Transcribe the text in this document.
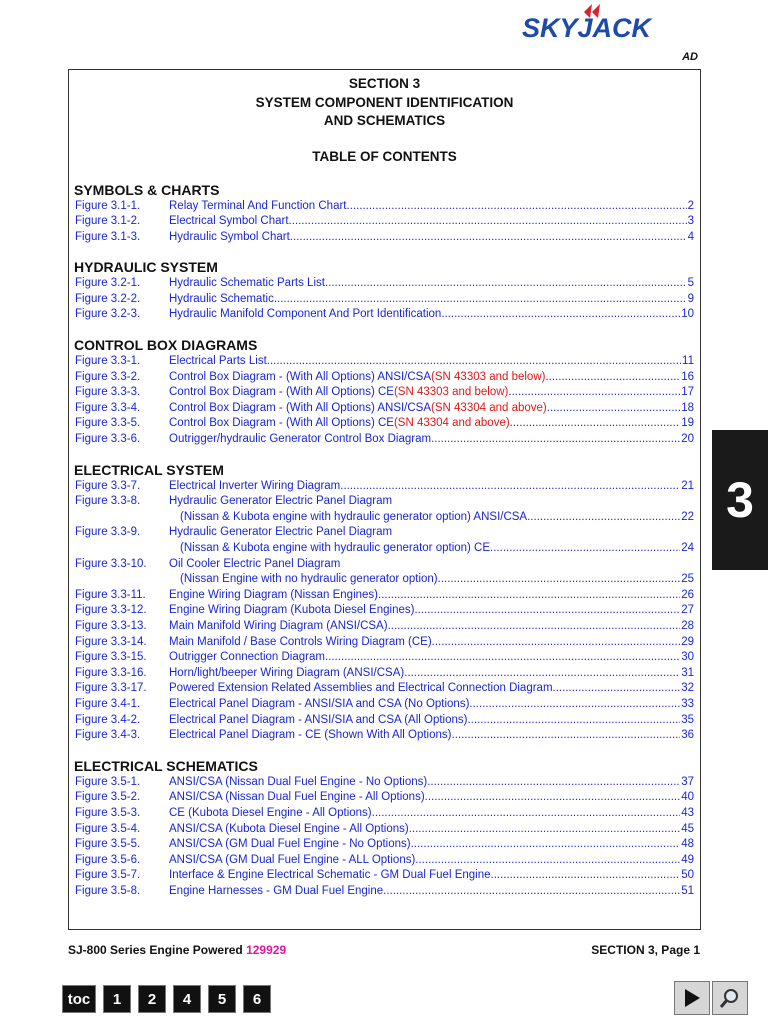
SKYJACK
AD
SECTION 3
SYSTEM COMPONENT IDENTIFICATION
AND SCHEMATICS
TABLE OF CONTENTS
SYMBOLS & CHARTS
Figure 3.1-1.	Relay Terminal And Function Chart .....	2
Figure 3.1-2.	Electrical Symbol Chart .....	3
Figure 3.1-3.	Hydraulic Symbol Chart .....	4
HYDRAULIC SYSTEM
Figure 3.2-1.	Hydraulic Schematic Parts List .....	5
Figure 3.2-2.	Hydraulic Schematic .....	9
Figure 3.2-3.	Hydraulic Manifold Component And Port Identification .....	10
CONTROL BOX DIAGRAMS
Figure 3.3-1.	Electrical Parts List .....	11
Figure 3.3-2.	Control Box Diagram - (With All Options) ANSI/CSA (SN 43303 and below) .....	16
Figure 3.3-3.	Control Box Diagram - (With All Options) CE (SN 43303 and below) .....	17
Figure 3.3-4.	Control Box Diagram - (With All Options) ANSI/CSA (SN 43304 and above) .....	18
Figure 3.3-5.	Control Box Diagram - (With All Options) CE (SN 43304 and above) .....	19
Figure 3.3-6.	Outrigger/hydraulic Generator Control Box Diagram .....	20
ELECTRICAL SYSTEM
Figure 3.3-7.	Electrical Inverter Wiring Diagram .....	21
Figure 3.3-8.	Hydraulic Generator Electric Panel Diagram
(Nissan & Kubota engine with hydraulic generator option) ANSI/CSA .....	22
Figure 3.3-9.	Hydraulic Generator Electric Panel Diagram
(Nissan & Kubota engine with hydraulic generator option) CE .....	24
Figure 3.3-10.	Oil Cooler Electric Panel Diagram
(Nissan Engine with no hydraulic generator option) .....	25
Figure 3.3-11.	Engine Wiring Diagram (Nissan Engines) .....	26
Figure 3.3-12.	Engine Wiring Diagram (Kubota Diesel Engines) .....	27
Figure 3.3-13.	Main Manifold Wiring Diagram (ANSI/CSA) .....	28
Figure 3.3-14.	Main Manifold / Base Controls Wiring Diagram (CE) .....	29
Figure 3.3-15.	Outrigger Connection Diagram .....	30
Figure 3.3-16.	Horn/light/beeper Wiring Diagram (ANSI/CSA) .....	31
Figure 3.3-17.	Powered Extension Related Assemblies and Electrical Connection Diagram .....	32
Figure 3.4-1.	Electrical Panel Diagram - ANSI/SIA and CSA (No Options) .....	33
Figure 3.4-2.	Electrical Panel Diagram - ANSI/SIA and CSA (All Options) .....	35
Figure 3.4-3.	Electrical Panel Diagram - CE (Shown With All Options) .....	36
ELECTRICAL SCHEMATICS
Figure 3.5-1.	ANSI/CSA (Nissan Dual Fuel Engine - No Options) .....	37
Figure 3.5-2.	ANSI/CSA (Nissan Dual Fuel Engine - All Options) .....	40
Figure 3.5-3.	CE (Kubota Diesel Engine - All Options) .....	43
Figure 3.5-4.	ANSI/CSA (Kubota Diesel Engine - All Options) .....	45
Figure 3.5-5.	ANSI/CSA (GM Dual Fuel Engine - No Options) .....	48
Figure 3.5-6.	ANSI/CSA (GM Dual Fuel Engine - ALL Options) .....	49
Figure 3.5-7.	Interface & Engine Electrical Schematic - GM Dual Fuel Engine .....	50
Figure 3.5-8.	Engine Harnesses - GM Dual Fuel Engine .....	51
3
SJ-800 Series Engine Powered 129929	SECTION 3, Page 1
toc	1	2	4	5	6
